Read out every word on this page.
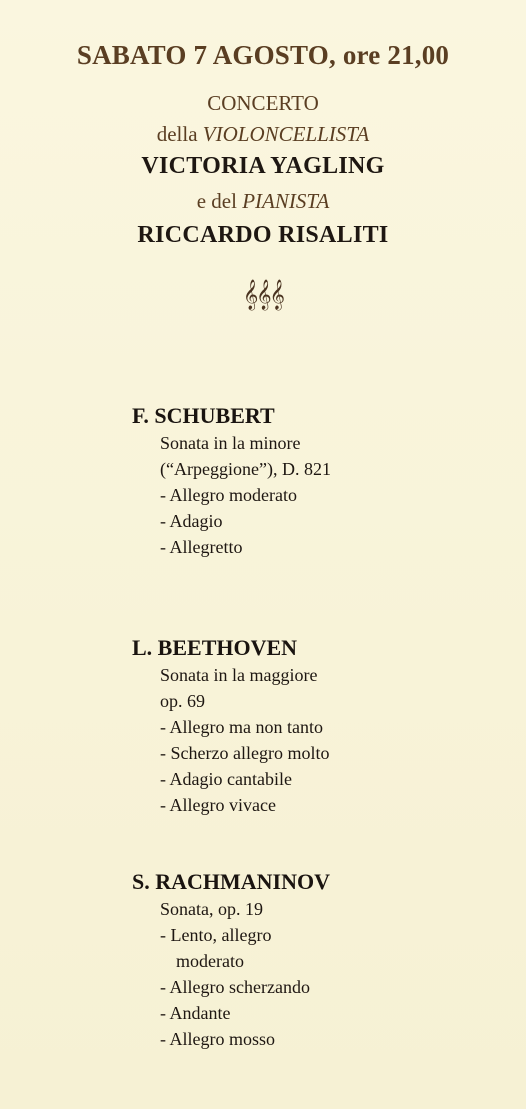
SABATO 7 AGOSTO, ore 21,00
CONCERTO
della VIOLONCELLISTA
VICTORIA YAGLING
e del PIANISTA
RICCARDO RISALITI
𝄞𝄞𝄞

F. SCHUBERT

Sonata in la minore
(“Arpeggione”), D. 821
- Allegro moderato
- Adagio
- Allegretto

L. BEETHOVEN

Sonata in la maggiore
op. 69
- Allegro ma non tanto
- Scherzo allegro molto
- Adagio cantabile
- Allegro vivace

S. RACHMANINOV

Sonata, op. 19
- Lento, allegro
moderato
- Allegro scherzando
- Andante
- Allegro mosso
